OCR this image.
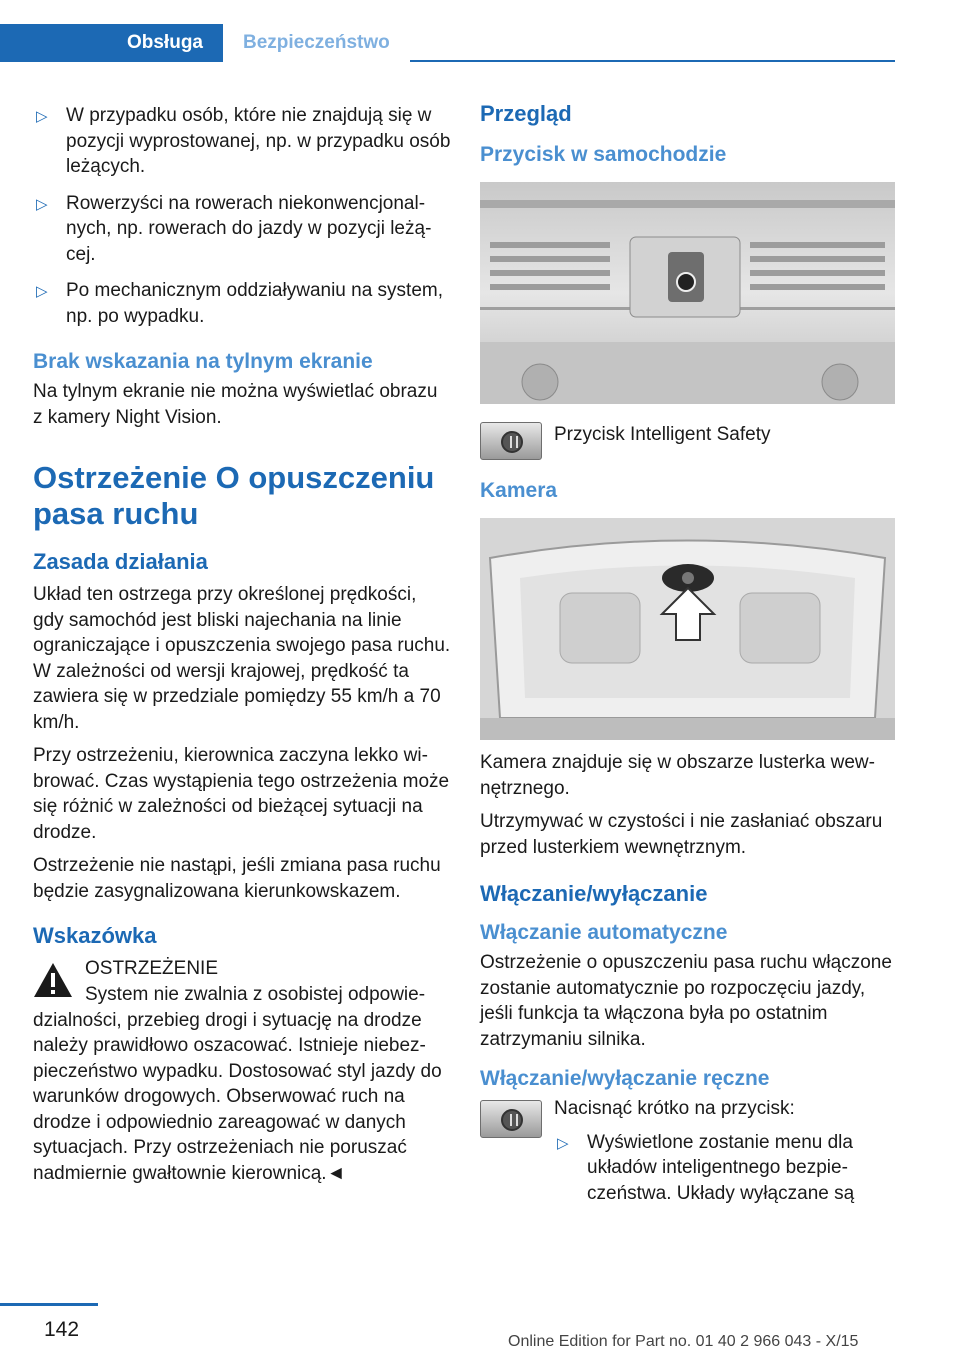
Obsługa	Bezpieczeństwo
▷ W przypadku osób, które nie znajdują się w pozycji wyprostowanej, np. w przypadku osób leżących.
▷ Rowerzyści na rowerach niekonwencjonalnych, np. rowerach do jazdy w pozycji leżącej.
▷ Po mechanicznym oddziaływaniu na system, np. po wypadku.
Brak wskazania na tylnym ekranie

Na tylnym ekranie nie można wyświetlać obrazu z kamery Night Vision.

Ostrzeżenie O opuszczeniu pasa ruchu
Zasada działania

Układ ten ostrzega przy określonej prędkości, gdy samochód jest bliski najechania na linie ograniczające i opuszczenia swojego pasa ruchu. W zależności od wersji krajowej, prędkość ta zawiera się w przedziale pomiędzy 55 km/h a 70 km/h.

Przy ostrzeżeniu, kierownica zaczyna lekko wibrować. Czas wystąpienia tego ostrzeżenia może się różnić w zależności od bieżącej sytuacji na drodze.

Ostrzeżenie nie nastąpi, jeśli zmiana pasa ruchu będzie zasygnalizowana kierunkowskazem.

Wskazówka
OSTRZEŻENIE

System nie zwalnia z osobistej odpowiedzialności, przebieg drogi i sytuację na drodze należy prawidłowo oszacować. Istnieje niebezpieczeństwo wypadku. Dostosować styl jazdy do warunków drogowych. Obserwować ruch na drodze i odpowiednio zareagować w danych sytuacjach. Przy ostrzeżeniach nie poruszać nadmiernie gwałtownie kierownicą.◄

Przegląd
Przycisk w samochodzie
Przycisk Intelligent Safety
Kamera

Kamera znajduje się w obszarze lusterka wewnętrznego.

Utrzymywać w czystości i nie zasłaniać obszaru przed lusterkiem wewnętrznym.

Włączanie/wyłączanie
Włączanie automatyczne

Ostrzeżenie o opuszczeniu pasa ruchu włączone zostanie automatycznie po rozpoczęciu jazdy, jeśli funkcja ta włączona była po ostatnim zatrzymaniu silnika.

Włączanie/wyłączanie ręczne

Nacisnąć krótko na przycisk:

▷ Wyświetlone zostanie menu dla układów inteligentnego bezpieczeństwa. Układy wyłączane są
142
Online Edition for Part no. 01 40 2 966 043 - X/15
